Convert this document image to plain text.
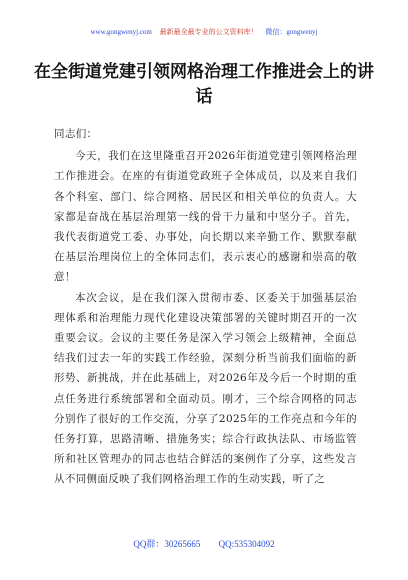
www.gongwenyj.com 最新最全最专业的公文资料库！ 微信：gongwenyj
在全街道党建引领网格治理工作推进会上的讲话

同志们：

今天，我们在这里隆重召开2026年街道党建引领网格治理工作推进会。在座的有街道党政班子全体成员，以及来自我们各个科室、部门、综合网格、居民区和相关单位的负责人。大家都是奋战在基层治理第一线的骨干力量和中坚分子。首先，我代表街道党工委、办事处，向长期以来辛勤工作、默默奉献在基层治理岗位上的全体同志们，表示衷心的感谢和崇高的敬意！

本次会议，是在我们深入贯彻市委、区委关于加强基层治理体系和治理能力现代化建设决策部署的关键时期召开的一次重要会议。会议的主要任务是深入学习领会上级精神，全面总结我们过去一年的实践工作经验，深刻分析当前我们面临的新形势、新挑战，并在此基础上，对2026年及今后一个时期的重点任务进行系统部署和全面动员。刚才，三个综合网格的同志分别作了很好的工作交流，分享了2025年的工作亮点和今年的任务打算，思路清晰、措施务实；综合行政执法队、市场监管所和社区管理办的同志也结合鲜活的案例作了分享，这些发言从不同侧面反映了我们网格治理工作的生动实践，听了之

QQ群：30265665 QQ:535304092
